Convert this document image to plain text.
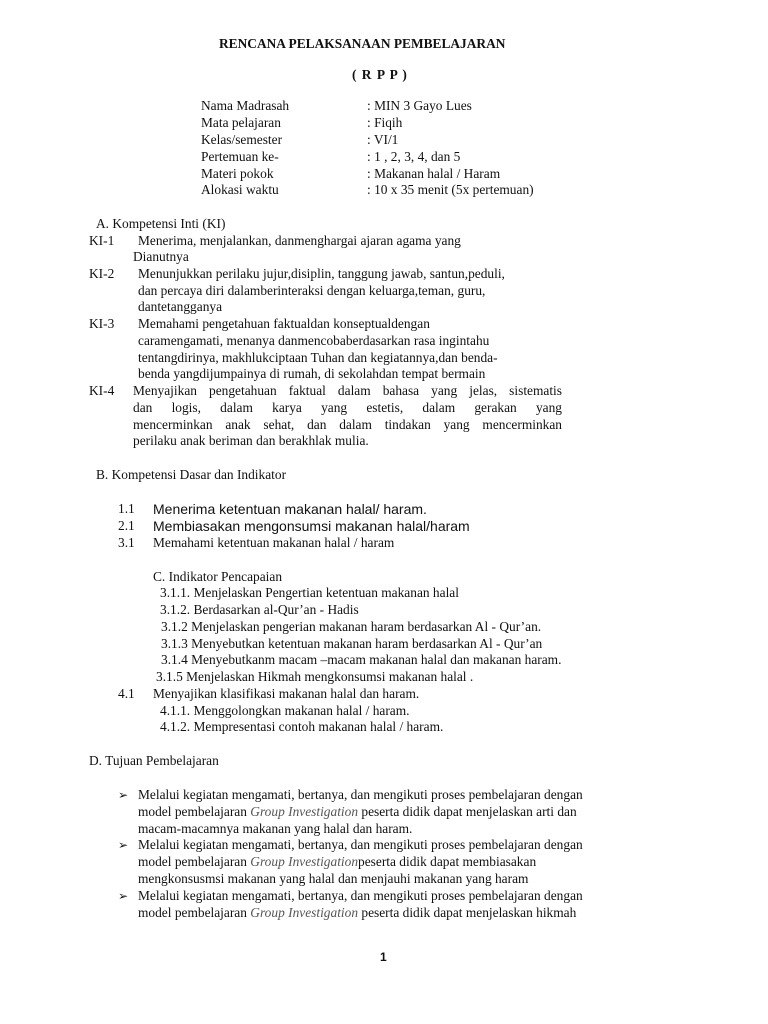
RENCANA PELAKSANAAN PEMBELAJARAN
( R P P )
Nama Madrasah	: MIN 3 Gayo Lues
Mata pelajaran	: Fiqih
Kelas/semester	: VI/1
Pertemuan ke-	: 1 , 2, 3, 4, dan 5
Materi pokok	: Makanan halal / Haram
Alokasi waktu	: 10 x 35 menit (5x pertemuan)
A. Kompetensi Inti (KI)
KI-1 Menerima, menjalankan, danmenghargai ajaran agama yang
Dianutnya
KI-2 Menunjukkan perilaku jujur,disiplin, tanggung jawab, santun,peduli,
dan percaya diri dalamberinteraksi dengan keluarga,teman, guru,
dantetangganya
KI-3 Memahami pengetahuan faktualdan konseptualdengan
caramengamati, menanya danmencobaberdasarkan rasa ingintahu
tentangdirinya, makhlukciptaan Tuhan dan kegiatannya,dan benda-
benda yangdijumpainya di rumah, di sekolahdan tempat bermain
KI-4 Menyajikan pengetahuan faktual dalam bahasa yang jelas, sistematis
dan logis, dalam karya yang estetis, dalam gerakan yang
mencerminkan anak sehat, dan dalam tindakan yang mencerminkan
perilaku anak beriman dan berakhlak mulia.
B. Kompetensi Dasar dan Indikator
1.1 Menerima ketentuan makanan halal/ haram.
2.1 Membiasakan mengonsumsi makanan halal/haram
3.1 Memahami ketentuan makanan halal / haram
C. Indikator Pencapaian
3.1.1. Menjelaskan Pengertian ketentuan makanan halal
3.1.2. Berdasarkan al-Qur’an - Hadis
3.1.2 Menjelaskan pengerian makanan haram berdasarkan Al - Qur’an.
3.1.3 Menyebutkan ketentuan makanan haram berdasarkan Al - Qur’an
3.1.4 Menyebutkanm macam –macam makanan halal dan makanan haram.
3.1.5 Menjelaskan Hikmah mengkonsumsi makanan halal .
4.1 Menyajikan klasifikasi makanan halal dan haram.
4.1.1. Menggolongkan makanan halal / haram.
4.1.2. Mempresentasi contoh makanan halal / haram.
D. Tujuan Pembelajaran
➢ Melalui kegiatan mengamati, bertanya, dan mengikuti proses pembelajaran dengan
model pembelajaran Group Investigation peserta didik dapat menjelaskan arti dan
macam-macamnya makanan yang halal dan haram.
➢ Melalui kegiatan mengamati, bertanya, dan mengikuti proses pembelajaran dengan
model pembelajaran Group Investigationpeserta didik dapat membiasakan
mengkonsusmsi makanan yang halal dan menjauhi makanan yang haram
➢ Melalui kegiatan mengamati, bertanya, dan mengikuti proses pembelajaran dengan
model pembelajaran Group Investigation peserta didik dapat menjelaskan hikmah
1
